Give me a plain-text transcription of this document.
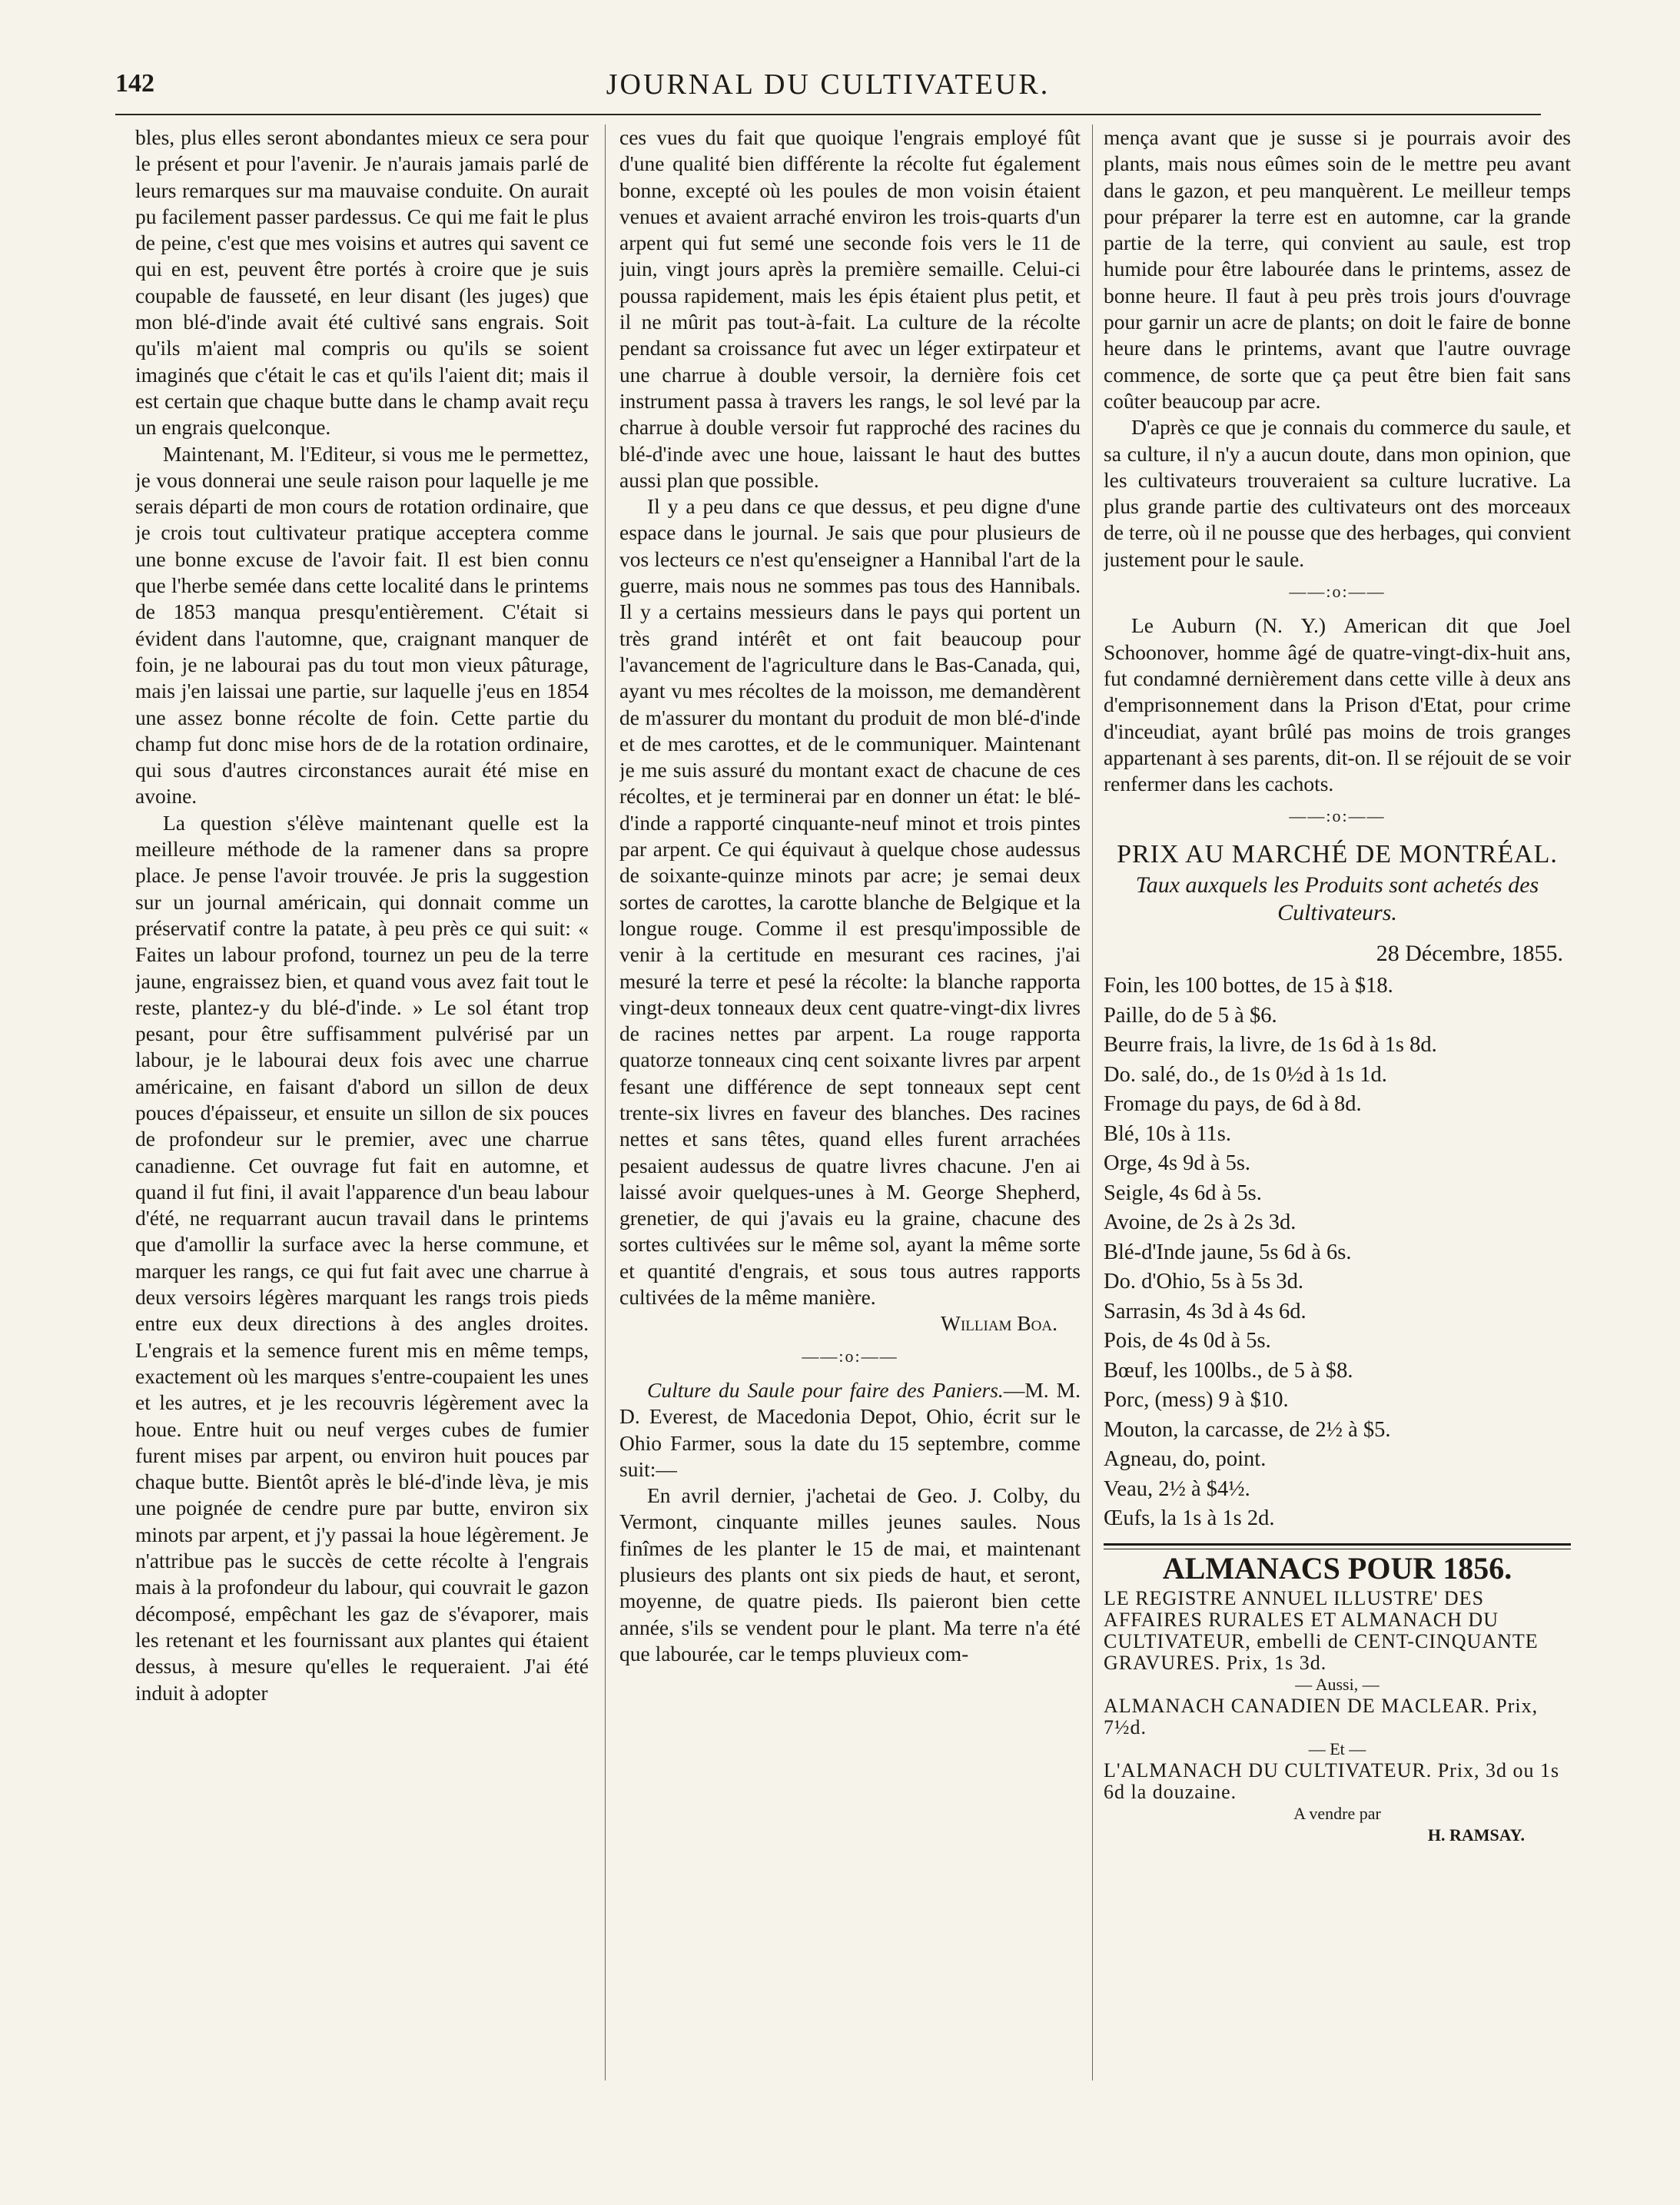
142	JOURNAL DU CULTIVATEUR.

bles, plus elles seront abondantes mieux ce sera pour le présent et pour l'avenir. Je n'aurais jamais parlé de leurs remarques sur ma mauvaise conduite. On aurait pu facilement passer pardessus. Ce qui me fait le plus de peine, c'est que mes voisins et autres qui savent ce qui en est, peuvent être portés à croire que je suis coupable de fausseté, en leur disant (les juges) que mon blé-d'inde avait été cultivé sans engrais. Soit qu'ils m'aient mal compris ou qu'ils se soient imaginés que c'était le cas et qu'ils l'aient dit; mais il est certain que chaque butte dans le champ avait reçu un engrais quelconque.

Maintenant, M. l'Editeur, si vous me le permettez, je vous donnerai une seule raison pour laquelle je me serais départi de mon cours de rotation ordinaire, que je crois tout cultivateur pratique acceptera comme une bonne excuse de l'avoir fait. Il est bien connu que l'herbe semée dans cette localité dans le printems de 1853 manqua presqu'entièrement. C'était si évident dans l'automne, que, craignant manquer de foin, je ne labourai pas du tout mon vieux pâturage, mais j'en laissai une partie, sur laquelle j'eus en 1854 une assez bonne récolte de foin. Cette partie du champ fut donc mise hors de de la rotation ordinaire, qui sous d'autres circonstances aurait été mise en avoine.

La question s'élève maintenant quelle est la meilleure méthode de la ramener dans sa propre place. Je pense l'avoir trouvée. Je pris la suggestion sur un journal américain, qui donnait comme un préservatif contre la patate, à peu près ce qui suit: « Faites un labour profond, tournez un peu de la terre jaune, engraissez bien, et quand vous avez fait tout le reste, plantez-y du blé-d'inde. » Le sol étant trop pesant, pour être suffisamment pulvérisé par un labour, je le labourai deux fois avec une charrue américaine, en faisant d'abord un sillon de deux pouces d'épaisseur, et ensuite un sillon de six pouces de profondeur sur le premier, avec une charrue canadienne. Cet ouvrage fut fait en automne, et quand il fut fini, il avait l'apparence d'un beau labour d'été, ne requarrant aucun travail dans le printems que d'amollir la surface avec la herse commune, et marquer les rangs, ce qui fut fait avec une charrue à deux versoirs légères marquant les rangs trois pieds entre eux deux directions à des angles droites. L'engrais et la semence furent mis en même temps, exactement où les marques s'entre-coupaient les unes et les autres, et je les recouvris légèrement avec la houe. Entre huit ou neuf verges cubes de fumier furent mises par arpent, ou environ huit pouces par chaque butte. Bientôt après le blé-d'inde lèva, je mis une poignée de cendre pure par butte, environ six minots par arpent, et j'y passai la houe légèrement. Je n'attribue pas le succès de cette récolte à l'engrais mais à la profondeur du labour, qui couvrait le gazon décomposé, empêchant les gaz de s'évaporer, mais les retenant et les fournissant aux plantes qui étaient dessus, à mesure qu'elles le requeraient. J'ai été induit à adopter

ces vues du fait que quoique l'engrais employé fût d'une qualité bien différente la récolte fut également bonne, excepté où les poules de mon voisin étaient venues et avaient arraché environ les trois-quarts d'un arpent qui fut semé une seconde fois vers le 11 de juin, vingt jours après la première semaille. Celui-ci poussa rapidement, mais les épis étaient plus petit, et il ne mûrit pas tout-à-fait. La culture de la récolte pendant sa croissance fut avec un léger extirpateur et une charrue à double versoir, la dernière fois cet instrument passa à travers les rangs, le sol levé par la charrue à double versoir fut rapproché des racines du blé-d'inde avec une houe, laissant le haut des buttes aussi plan que possible.

Il y a peu dans ce que dessus, et peu digne d'une espace dans le journal. Je sais que pour plusieurs de vos lecteurs ce n'est qu'enseigner a Hannibal l'art de la guerre, mais nous ne sommes pas tous des Hannibals. Il y a certains messieurs dans le pays qui portent un très grand intérêt et ont fait beaucoup pour l'avancement de l'agriculture dans le Bas-Canada, qui, ayant vu mes récoltes de la moisson, me demandèrent de m'assurer du montant du produit de mon blé-d'inde et de mes carottes, et de le communiquer. Maintenant je me suis assuré du montant exact de chacune de ces récoltes, et je terminerai par en donner un état: le blé-d'inde a rapporté cinquante-neuf minot et trois pintes par arpent. Ce qui équivaut à quelque chose audessus de soixante-quinze minots par acre; je semai deux sortes de carottes, la carotte blanche de Belgique et la longue rouge. Comme il est presqu'impossible de venir à la certitude en mesurant ces racines, j'ai mesuré la terre et pesé la récolte: la blanche rapporta vingt-deux tonneaux deux cent quatre-vingt-dix livres de racines nettes par arpent. La rouge rapporta quatorze tonneaux cinq cent soixante livres par arpent fesant une différence de sept tonneaux sept cent trente-six livres en faveur des blanches. Des racines nettes et sans têtes, quand elles furent arrachées pesaient audessus de quatre livres chacune. J'en ai laissé avoir quelques-unes à M. George Shepherd, grenetier, de qui j'avais eu la graine, chacune des sortes cultivées sur le même sol, ayant la même sorte et quantité d'engrais, et sous tous autres rapports cultivées de la même manière.

William Boa.
——:o:——

Culture du Saule pour faire des Paniers.—M. M. D. Everest, de Macedonia Depot, Ohio, écrit sur le Ohio Farmer, sous la date du 15 septembre, comme suit:—

En avril dernier, j'achetai de Geo. J. Colby, du Vermont, cinquante milles jeunes saules. Nous finîmes de les planter le 15 de mai, et maintenant plusieurs des plants ont six pieds de haut, et seront, moyenne, de quatre pieds. Ils paieront bien cette année, s'ils se vendent pour le plant. Ma terre n'a été que labourée, car le temps pluvieux com-

mença avant que je susse si je pourrais avoir des plants, mais nous eûmes soin de le mettre peu avant dans le gazon, et peu manquèrent. Le meilleur temps pour préparer la terre est en automne, car la grande partie de la terre, qui convient au saule, est trop humide pour être labourée dans le printems, assez de bonne heure. Il faut à peu près trois jours d'ouvrage pour garnir un acre de plants; on doit le faire de bonne heure dans le printems, avant que l'autre ouvrage commence, de sorte que ça peut être bien fait sans coûter beaucoup par acre.

D'après ce que je connais du commerce du saule, et sa culture, il n'y a aucun doute, dans mon opinion, que les cultivateurs trouveraient sa culture lucrative. La plus grande partie des cultivateurs ont des morceaux de terre, où il ne pousse que des herbages, qui convient justement pour le saule.

——:o:——

Le Auburn (N. Y.) American dit que Joel Schoonover, homme âgé de quatre-vingt-dix-huit ans, fut condamné dernièrement dans cette ville à deux ans d'emprisonnement dans la Prison d'Etat, pour crime d'inceudiat, ayant brûlé pas moins de trois granges appartenant à ses parents, dit-on. Il se réjouit de se voir renfermer dans les cachots.

——:o:——
PRIX AU MARCHÉ DE MONTRÉAL.
Taux auxquels les Produits sont achetés des Cultivateurs.
28 Décembre, 1855.
Foin, les 100 bottes, de 15 à $18.
Paille, do de 5 à $6.
Beurre frais, la livre, de 1s 6d à 1s 8d.
Do. salé, do., de 1s 0½d à 1s 1d.
Fromage du pays, de 6d à 8d.
Blé, 10s à 11s.
Orge, 4s 9d à 5s.
Seigle, 4s 6d à 5s.
Avoine, de 2s à 2s 3d.
Blé-d'Inde jaune, 5s 6d à 6s.
Do. d'Ohio, 5s à 5s 3d.
Sarrasin, 4s 3d à 4s 6d.
Pois, de 4s 0d à 5s.
Bœuf, les 100lbs., de 5 à $8.
Porc, (mess) 9 à $10.
Mouton, la carcasse, de 2½ à $5.
Agneau, do, point.
Veau, 2½ à $4½.
Œufs, la 1s à 1s 2d.
ALMANACS POUR 1856.
LE REGISTRE ANNUEL ILLUSTRE' DES AFFAIRES RURALES ET ALMANACH DU CULTIVATEUR, embelli de CENT-CINQUANTE GRAVURES. Prix, 1s 3d.
— Aussi, —
ALMANACH CANADIEN DE MACLEAR. Prix, 7½d.
— Et —
L'ALMANACH DU CULTIVATEUR. Prix, 3d ou 1s 6d la douzaine.
A vendre par
H. RAMSAY.
